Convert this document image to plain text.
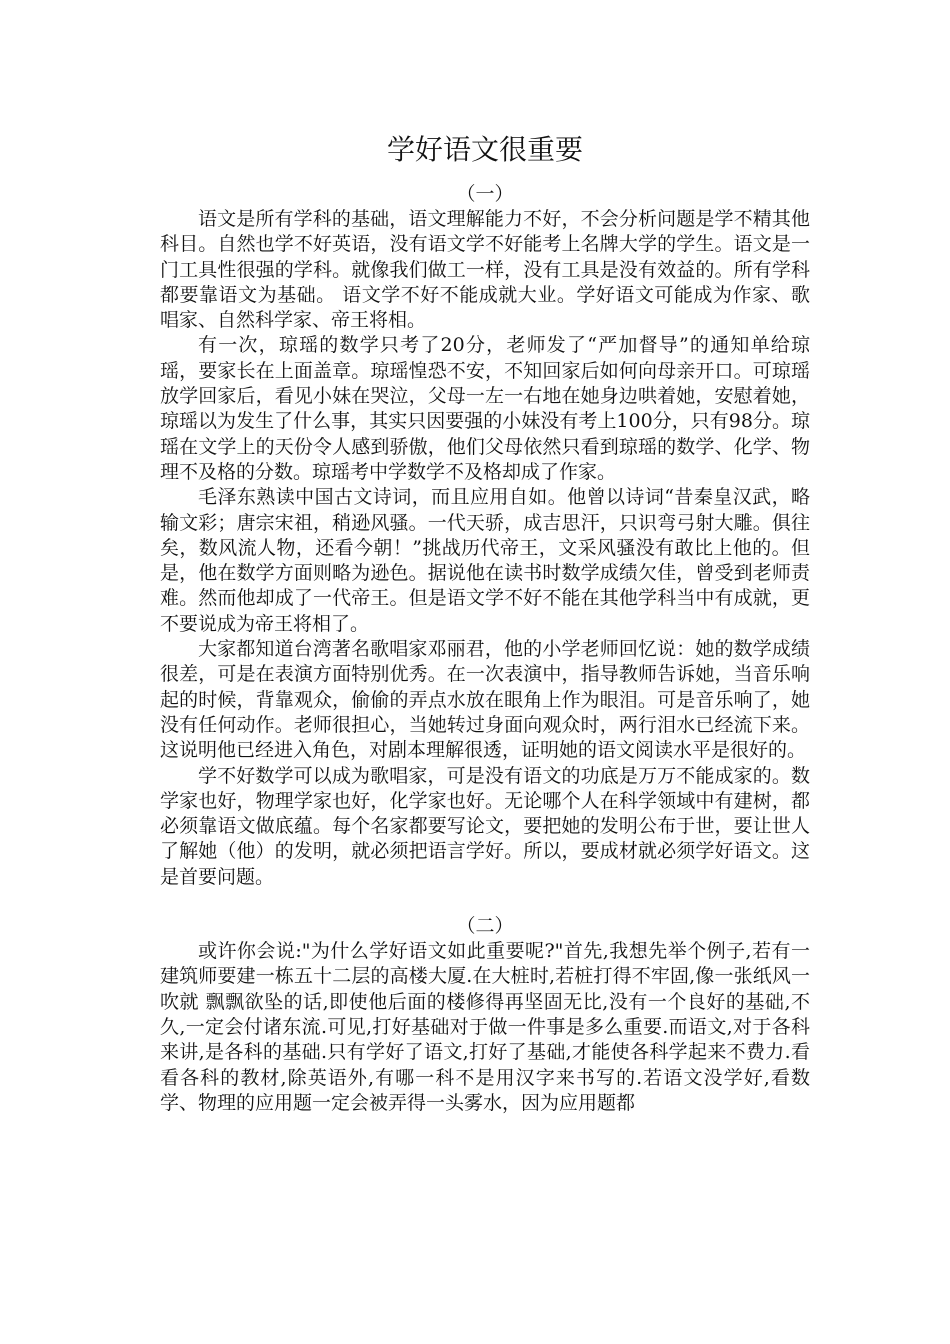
学好语文很重要

（一）

语文是所有学科的基础，语文理解能力不好，不会分析问题是学不精其他科目。自然也学不好英语，没有语文学不好能考上名牌大学的学生。语文是一门工具性很强的学科。就像我们做工一样，没有工具是没有效益的。所有学科都要靠语文为基础。 语文学不好不能成就大业。学好语文可能成为作家、歌唱家、自然科学家、帝王将相。

有一次，琼瑶的数学只考了20分，老师发了“严加督导”的通知单给琼瑶，要家长在上面盖章。琼瑶惶恐不安，不知回家后如何向母亲开口。可琼瑶放学回家后，看见小妹在哭泣，父母一左一右地在她身边哄着她，安慰着她，琼瑶以为发生了什么事，其实只因要强的小妹没有考上100分，只有98分。琼瑶在文学上的天份令人感到骄傲，他们父母依然只看到琼瑶的数学、化学、物理不及格的分数。琼瑶考中学数学不及格却成了作家。

毛泽东熟读中国古文诗词，而且应用自如。他曾以诗词“昔秦皇汉武，略输文彩；唐宗宋祖，稍逊风骚。一代天骄，成吉思汗，只识弯弓射大雕。俱往矣，数风流人物，还看今朝！”挑战历代帝王，文采风骚没有敢比上他的。但是，他在数学方面则略为逊色。据说他在读书时数学成绩欠佳，曾受到老师责难。然而他却成了一代帝王。但是语文学不好不能在其他学科当中有成就，更不要说成为帝王将相了。

大家都知道台湾著名歌唱家邓丽君，他的小学老师回忆说：她的数学成绩很差，可是在表演方面特别优秀。在一次表演中，指导教师告诉她，当音乐响起的时候，背靠观众，偷偷的弄点水放在眼角上作为眼泪。可是音乐响了，她没有任何动作。老师很担心，当她转过身面向观众时，两行泪水已经流下来。这说明他已经进入角色，对剧本理解很透，证明她的语文阅读水平是很好的。

学不好数学可以成为歌唱家，可是没有语文的功底是万万不能成家的。数学家也好，物理学家也好，化学家也好。无论哪个人在科学领域中有建树，都必须靠语文做底蕴。每个名家都要写论文，要把她的发明公布于世，要让世人了解她（他）的发明，就必须把语言学好。所以，要成材就必须学好语文。这是首要问题。

（二）

或许你会说:"为什么学好语文如此重要呢?"首先,我想先举个例子,若有一建筑师要建一栋五十二层的高楼大厦.在大桩时,若桩打得不牢固,像一张纸风一吹就 飘飘欲坠的话,即使他后面的楼修得再坚固无比,没有一个良好的基础,不久,一定会付诸东流.可见,打好基础对于做一件事是多么重要.而语文,对于各科来讲,是各科的基础.只有学好了语文,打好了基础,才能使各科学起来不费力.看看各科的教材,除英语外,有哪一科不是用汉字来书写的.若语文没学好,看数学、物理的应用题一定会被弄得一头雾水，因为应用题都
